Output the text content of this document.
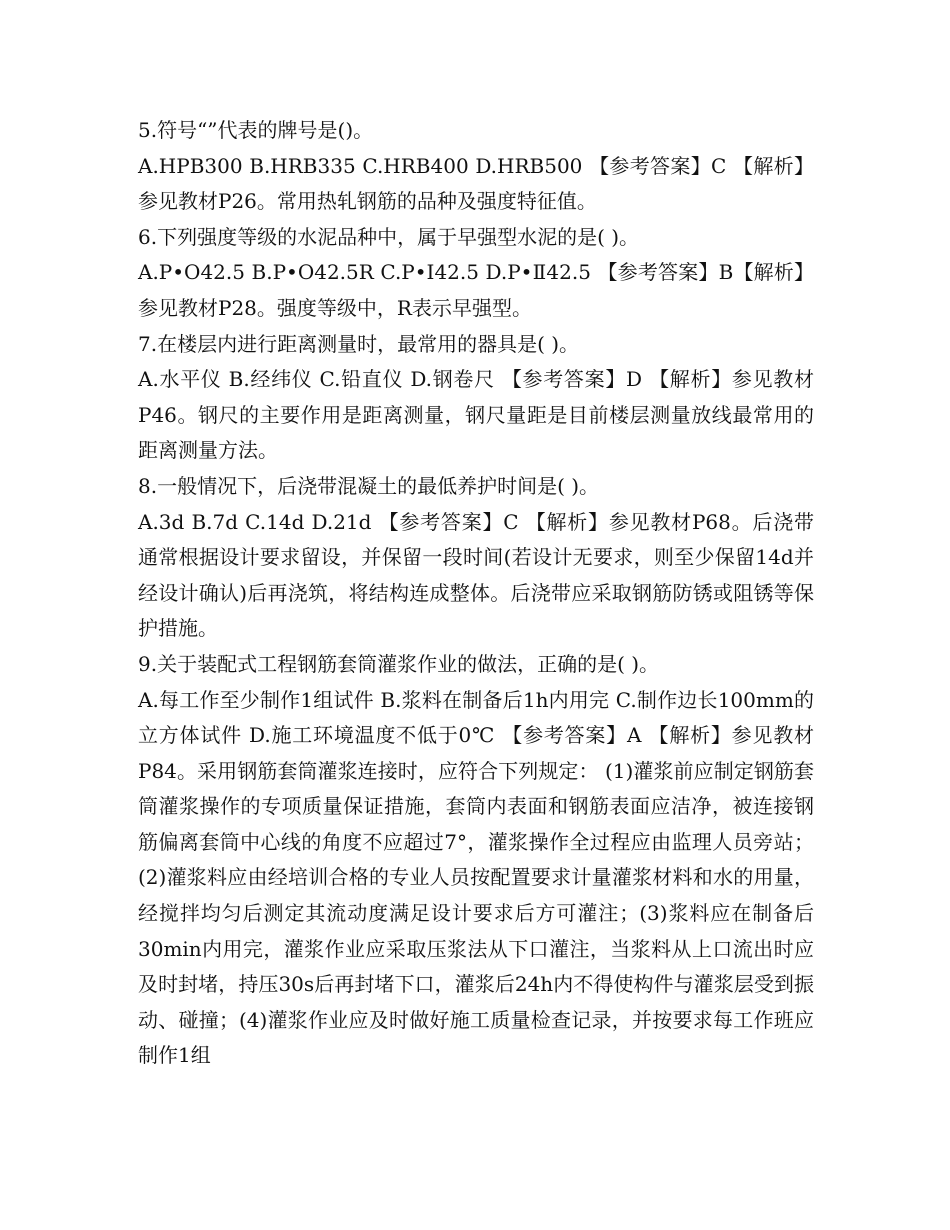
5.符号“”代表的牌号是()。

A.HPB300 B.HRB335 C.HRB400 D.HRB500 【参考答案】C 【解析】参见教材P26。常用热轧钢筋的品种及强度特征值。

6.下列强度等级的水泥品种中，属于早强型水泥的是( )。

A.P•O42.5 B.P•O42.5R C.P•I42.5 D.P•Ⅱ42.5 【参考答案】B【解析】参见教材P28。强度等级中，R表示早强型。

7.在楼层内进行距离测量时，最常用的器具是( )。

A.水平仪 B.经纬仪 C.铅直仪 D.钢卷尺 【参考答案】D 【解析】参见教材P46。钢尺的主要作用是距离测量，钢尺量距是目前楼层测量放线最常用的距离测量方法。

8.一般情况下，后浇带混凝土的最低养护时间是( )。

A.3d B.7d C.14d D.21d 【参考答案】C 【解析】参见教材P68。后浇带通常根据设计要求留设，并保留一段时间(若设计无要求，则至少保留14d并经设计确认)后再浇筑，将结构连成整体。后浇带应采取钢筋防锈或阻锈等保护措施。

9.关于装配式工程钢筋套筒灌浆作业的做法，正确的是( )。

A.每工作至少制作1组试件 B.浆料在制备后1h内用完 C.制作边长100mm的立方体试件 D.施工环境温度不低于0℃ 【参考答案】A 【解析】参见教材P84。采用钢筋套筒灌浆连接时，应符合下列规定： (1)灌浆前应制定钢筋套筒灌浆操作的专项质量保证措施，套筒内表面和钢筋表面应洁净，被连接钢筋偏离套筒中心线的角度不应超过7°，灌浆操作全过程应由监理人员旁站；(2)灌浆料应由经培训合格的专业人员按配置要求计量灌浆材料和水的用量，经搅拌均匀后测定其流动度满足设计要求后方可灌注；(3)浆料应在制备后30min内用完，灌浆作业应采取压浆法从下口灌注，当浆料从上口流出时应及时封堵，持压30s后再封堵下口，灌浆后24h内不得使构件与灌浆层受到振动、碰撞；(4)灌浆作业应及时做好施工质量检查记录，并按要求每工作班应制作1组
